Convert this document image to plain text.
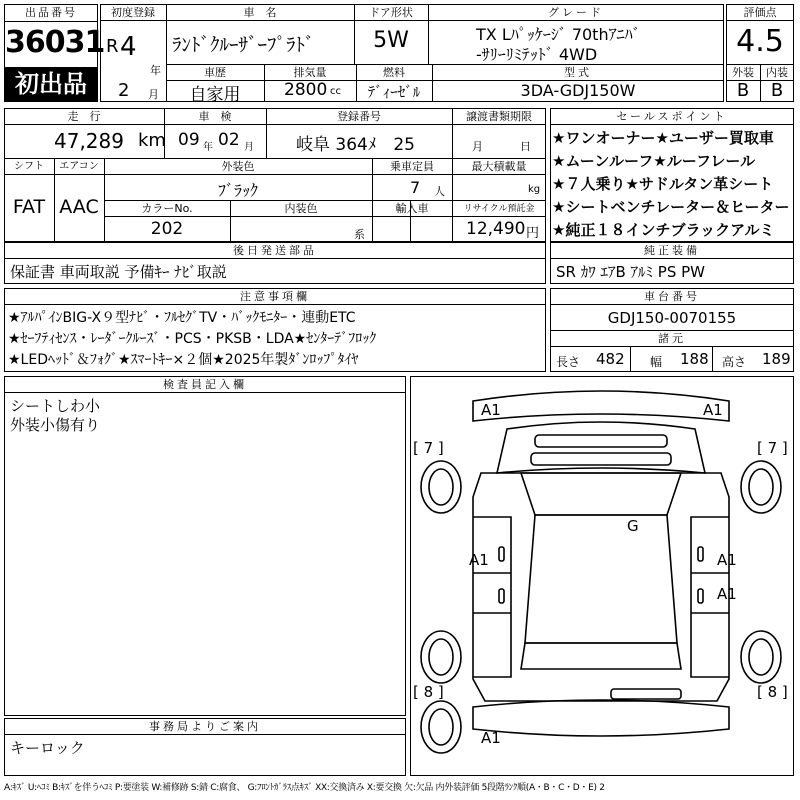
出品番号
36031
初出品
初度登録
R 4
年
2 月
車　名
ﾗﾝﾄﾞｸﾙｰｻﾞｰﾌﾟﾗﾄﾞ
ドア形状
5W
グレード
TX Lﾊﾟｯｹｰｼﾞ 70thｱﾆﾊﾞ
-ｻﾘｰﾘﾐﾃｯﾄﾞ 4WD
車歴
自家用
排気量
2800 cc
燃料
ﾃﾞｨｰｾﾞﾙ
型式
3DA-GDJ150W
評価点
4.5
外装	内装
B	B
走　行
47,289 km
車　検
09 年 02 月
登録番号
岐阜 364ﾒ　25
譲渡書類期限
月	日
シフト	エアコン
FAT AAC
外装色
ﾌﾞﾗｯｸ
乗車定員
7 人
最大積載量
kg
カラーNo.
202
内装色
系
輸入車	リサイクル預託金
12,490 円
セールスポイント
★ワンオーナー★ユーザー買取車
★ムーンルーフ★ルーフレール
★７人乗り★サドルタン革シート
★シートベンチレーター＆ヒーター
★純正１８インチブラックアルミ
後日発送部品
保証書 車両取説 予備ｷｰ ﾅﾋﾞ取説
純正装備
SR ｶﾜ ｴｱB ｱﾙﾐ PS PW
注意事項欄
★ｱﾙﾊﾟｲﾝBIG-X９型ﾅﾋﾞ・ﾌﾙｾｸﾞTV・ﾊﾞｯｸﾓﾆﾀｰ・連動ETC
★ｾｰﾌﾃｨｾﾝｽ・ﾚｰﾀﾞｰｸﾙｰｽﾞ・PCS・PKSB・LDA★ｾﾝﾀｰﾃﾞﾌﾛｯｸ
★LEDﾍｯﾄﾞ＆ﾌｫｸﾞ★ｽﾏｰﾄｷｰ×２個★2025年製ﾀﾞﾝﾛｯﾌﾟﾀｲﾔ
車台番号
GDJ150-0070155
諸元
長さ 482 幅 188 高さ 189
検査員記入欄
シートしわ小
外装小傷有り
事務局よりご案内
キーロック
A1	A1
[ 7 ]	[ 7 ]
G
A1	A1
A1
[ 8 ]	[ 8 ]
A1
A:ｷｽﾞ U:ﾍｺﾐ B:ｷｽﾞを伴うﾍｺﾐ P:要塗装 W:補修跡 S:錆 C:腐食、 G:ﾌﾛﾝﾄｶﾞﾗｽ点ｷｽﾞ XX:交換済み X:要交換 欠:欠品 内外装評価 5段階ﾗﾝｸ順(A・B・C・D・E) 2
